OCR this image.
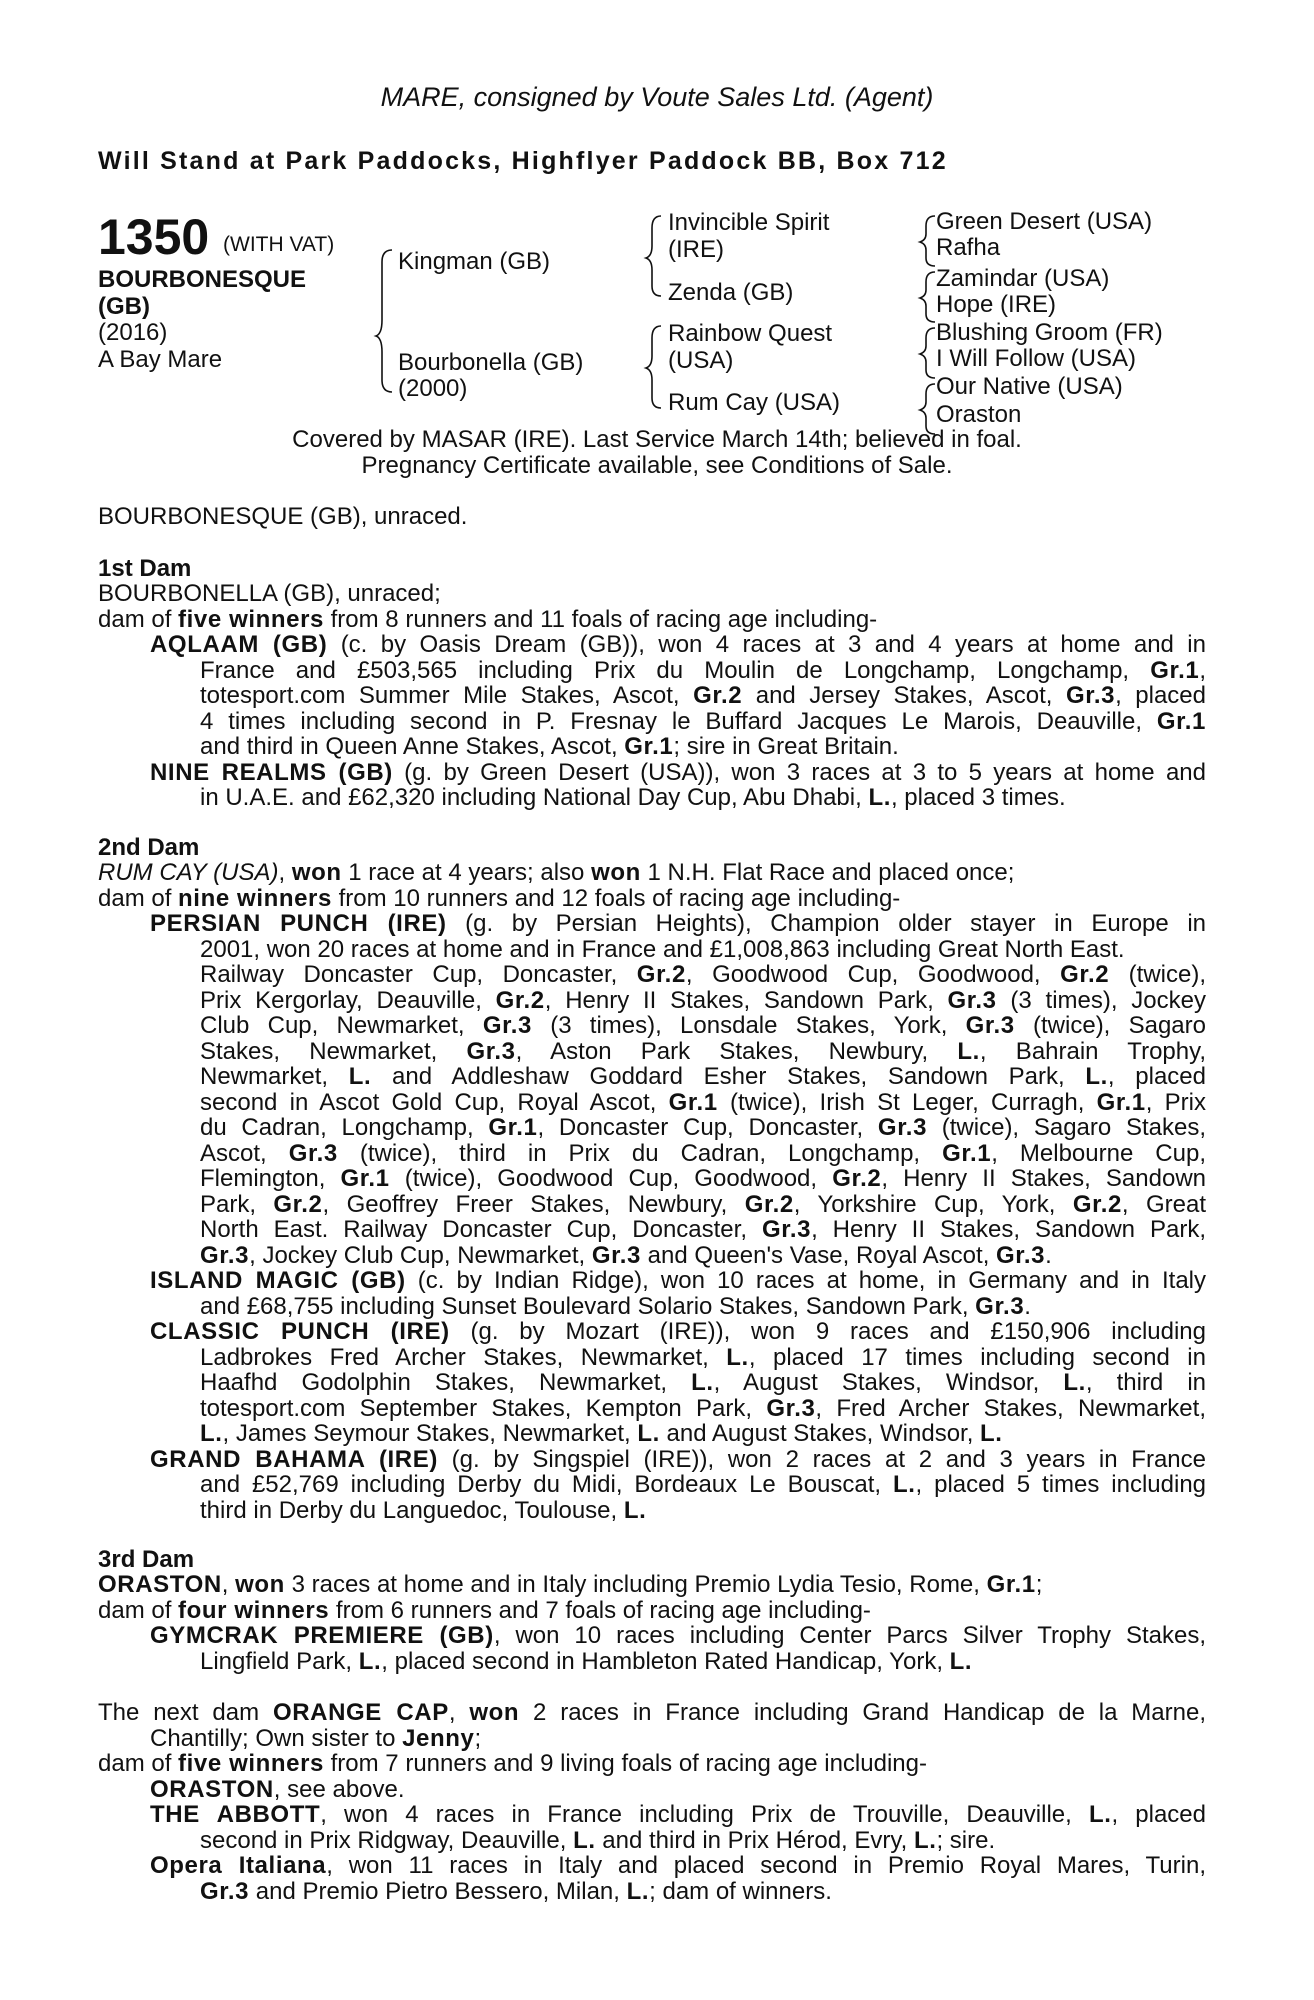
MARE, consigned by Voute Sales Ltd. (Agent)
Will Stand at Park Paddocks, Highflyer Paddock BB, Box 712
1350 (WITH VAT)
BOURBONESQUE
(GB)
(2016)
A Bay Mare
Kingman (GB)
Bourbonella (GB)
(2000)
Invincible Spirit
(IRE)
Zenda (GB)
Rainbow Quest
(USA)
Rum Cay (USA)
Green Desert (USA)
Rafha
Zamindar (USA)
Hope (IRE)
Blushing Groom (FR)
I Will Follow (USA)
Our Native (USA)
Oraston
Covered by MASAR (IRE). Last Service March 14th; believed in foal.
Pregnancy Certificate available, see Conditions of Sale.
BOURBONESQUE (GB), unraced.
1st Dam
BOURBONELLA (GB), unraced;
dam of five winners from 8 runners and 11 foals of racing age including-
AQLAAM (GB) (c. by Oasis Dream (GB)), won 4 races at 3 and 4 years at home and in
France and £503,565 including Prix du Moulin de Longchamp, Longchamp, Gr.1,
totesport.com Summer Mile Stakes, Ascot, Gr.2 and Jersey Stakes, Ascot, Gr.3, placed
4 times including second in P. Fresnay le Buffard Jacques Le Marois, Deauville, Gr.1
and third in Queen Anne Stakes, Ascot, Gr.1; sire in Great Britain.
NINE REALMS (GB) (g. by Green Desert (USA)), won 3 races at 3 to 5 years at home and
in U.A.E. and £62,320 including National Day Cup, Abu Dhabi, L., placed 3 times.
2nd Dam
RUM CAY (USA), won 1 race at 4 years; also won 1 N.H. Flat Race and placed once;
dam of nine winners from 10 runners and 12 foals of racing age including-
PERSIAN PUNCH (IRE) (g. by Persian Heights), Champion older stayer in Europe in
2001, won 20 races at home and in France and £1,008,863 including Great North East.
Railway Doncaster Cup, Doncaster, Gr.2, Goodwood Cup, Goodwood, Gr.2 (twice),
Prix Kergorlay, Deauville, Gr.2, Henry II Stakes, Sandown Park, Gr.3 (3 times), Jockey
Club Cup, Newmarket, Gr.3 (3 times), Lonsdale Stakes, York, Gr.3 (twice), Sagaro
Stakes, Newmarket, Gr.3, Aston Park Stakes, Newbury, L., Bahrain Trophy,
Newmarket, L. and Addleshaw Goddard Esher Stakes, Sandown Park, L., placed
second in Ascot Gold Cup, Royal Ascot, Gr.1 (twice), Irish St Leger, Curragh, Gr.1, Prix
du Cadran, Longchamp, Gr.1, Doncaster Cup, Doncaster, Gr.3 (twice), Sagaro Stakes,
Ascot, Gr.3 (twice), third in Prix du Cadran, Longchamp, Gr.1, Melbourne Cup,
Flemington, Gr.1 (twice), Goodwood Cup, Goodwood, Gr.2, Henry II Stakes, Sandown
Park, Gr.2, Geoffrey Freer Stakes, Newbury, Gr.2, Yorkshire Cup, York, Gr.2, Great
North East. Railway Doncaster Cup, Doncaster, Gr.3, Henry II Stakes, Sandown Park,
Gr.3, Jockey Club Cup, Newmarket, Gr.3 and Queen's Vase, Royal Ascot, Gr.3.
ISLAND MAGIC (GB) (c. by Indian Ridge), won 10 races at home, in Germany and in Italy
and £68,755 including Sunset Boulevard Solario Stakes, Sandown Park, Gr.3.
CLASSIC PUNCH (IRE) (g. by Mozart (IRE)), won 9 races and £150,906 including
Ladbrokes Fred Archer Stakes, Newmarket, L., placed 17 times including second in
Haafhd Godolphin Stakes, Newmarket, L., August Stakes, Windsor, L., third in
totesport.com September Stakes, Kempton Park, Gr.3, Fred Archer Stakes, Newmarket,
L., James Seymour Stakes, Newmarket, L. and August Stakes, Windsor, L.
GRAND BAHAMA (IRE) (g. by Singspiel (IRE)), won 2 races at 2 and 3 years in France
and £52,769 including Derby du Midi, Bordeaux Le Bouscat, L., placed 5 times including
third in Derby du Languedoc, Toulouse, L.
3rd Dam
ORASTON, won 3 races at home and in Italy including Premio Lydia Tesio, Rome, Gr.1;
dam of four winners from 6 runners and 7 foals of racing age including-
GYMCRAK PREMIERE (GB), won 10 races including Center Parcs Silver Trophy Stakes,
Lingfield Park, L., placed second in Hambleton Rated Handicap, York, L.
The next dam ORANGE CAP, won 2 races in France including Grand Handicap de la Marne,
Chantilly; Own sister to Jenny;
dam of five winners from 7 runners and 9 living foals of racing age including-
ORASTON, see above.
THE ABBOTT, won 4 races in France including Prix de Trouville, Deauville, L., placed
second in Prix Ridgway, Deauville, L. and third in Prix Hérod, Evry, L.; sire.
Opera Italiana, won 11 races in Italy and placed second in Premio Royal Mares, Turin,
Gr.3 and Premio Pietro Bessero, Milan, L.; dam of winners.
